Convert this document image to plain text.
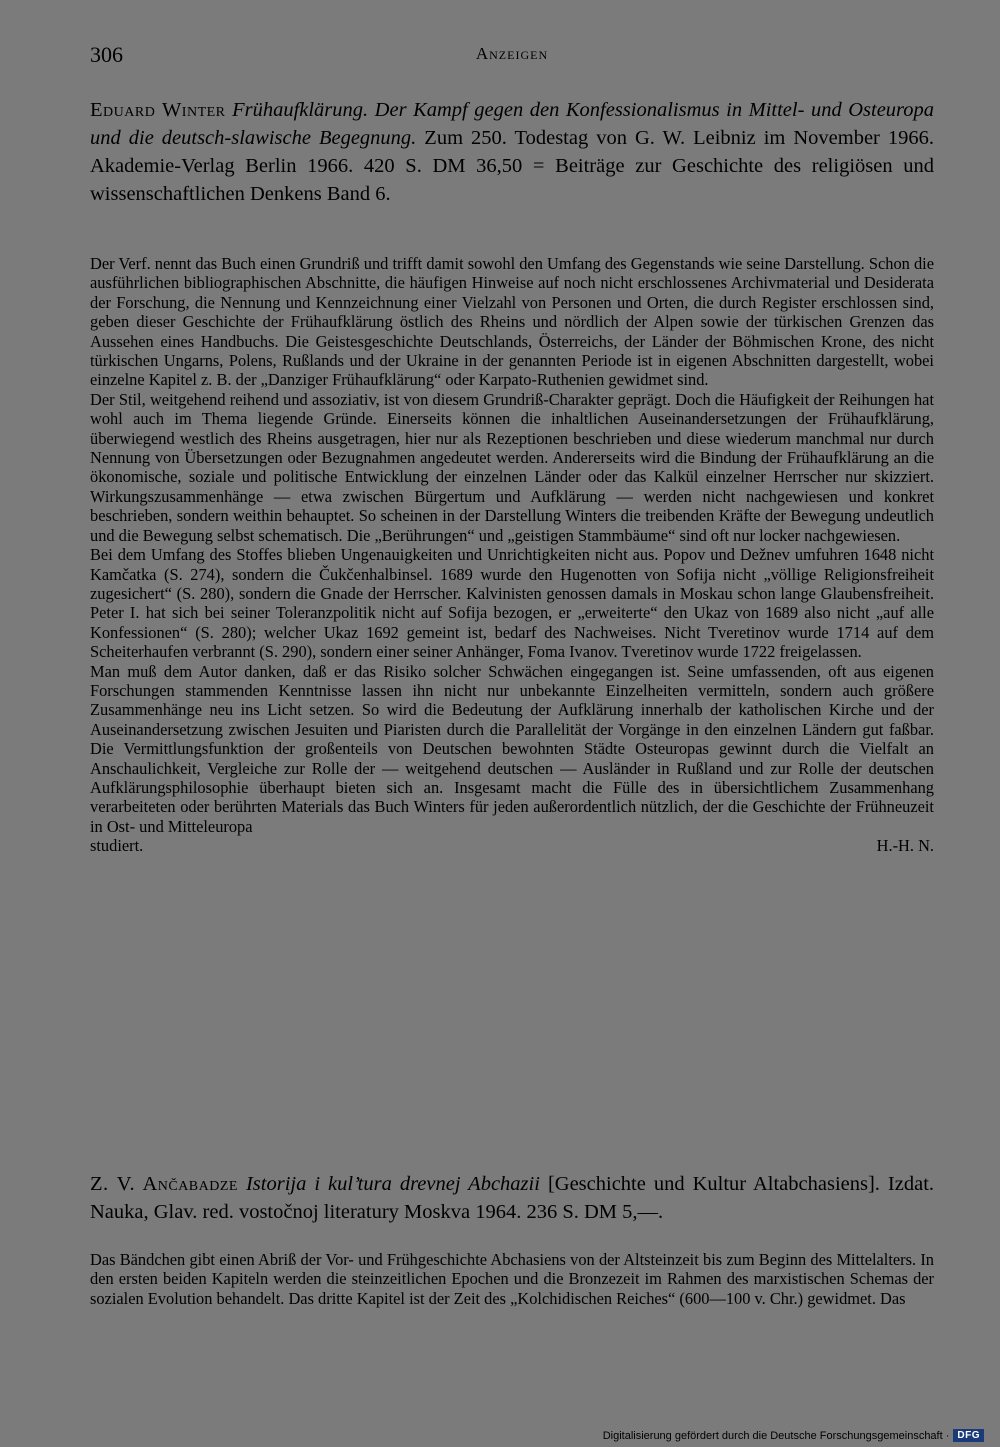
306	Anzeigen
Eduard Winter Frühaufklärung. Der Kampf gegen den Konfessionalismus in Mittel- und Osteuropa und die deutsch-slawische Begegnung. Zum 250. Todestag von G. W. Leibniz im November 1966. Akademie-Verlag Berlin 1966. 420 S. DM 36,50 = Beiträge zur Geschichte des religiösen und wissenschaftlichen Denkens Band 6.

Der Verf. nennt das Buch einen Grundriß und trifft damit sowohl den Umfang des Gegenstands wie seine Darstellung. Schon die ausführlichen bibliographischen Abschnitte, die häufigen Hinweise auf noch nicht erschlossenes Archivmaterial und Desiderata der Forschung, die Nennung und Kennzeichnung einer Vielzahl von Personen und Orten, die durch Register erschlossen sind, geben dieser Geschichte der Frühaufklärung östlich des Rheins und nördlich der Alpen sowie der türkischen Grenzen das Aussehen eines Handbuchs. Die Geistesgeschichte Deutschlands, Österreichs, der Länder der Böhmischen Krone, des nicht türkischen Ungarns, Polens, Rußlands und der Ukraine in der genannten Periode ist in eigenen Abschnitten dargestellt, wobei einzelne Kapitel z. B. der „Danziger Frühaufklärung“ oder Karpato-Ruthenien gewidmet sind.

Der Stil, weitgehend reihend und assoziativ, ist von diesem Grundriß-Charakter geprägt. Doch die Häufigkeit der Reihungen hat wohl auch im Thema liegende Gründe. Einerseits können die inhaltlichen Auseinandersetzungen der Frühaufklärung, überwiegend westlich des Rheins ausgetragen, hier nur als Rezeptionen beschrieben und diese wiederum manchmal nur durch Nennung von Übersetzungen oder Bezugnahmen angedeutet werden. Andererseits wird die Bindung der Frühaufklärung an die ökonomische, soziale und politische Entwicklung der einzelnen Länder oder das Kalkül einzelner Herrscher nur skizziert. Wirkungszusammenhänge — etwa zwischen Bürgertum und Aufklärung — werden nicht nachgewiesen und konkret beschrieben, sondern weithin behauptet. So scheinen in der Darstellung Winters die treibenden Kräfte der Bewegung undeutlich und die Bewegung selbst schematisch. Die „Berührungen“ und „geistigen Stammbäume“ sind oft nur locker nachgewiesen.

Bei dem Umfang des Stoffes blieben Ungenauigkeiten und Unrichtigkeiten nicht aus. Popov und Dežnev umfuhren 1648 nicht Kamčatka (S. 274), sondern die Čukčenhalbinsel. 1689 wurde den Hugenotten von Sofija nicht „völlige Religionsfreiheit zugesichert“ (S. 280), sondern die Gnade der Herrscher. Kalvinisten genossen damals in Moskau schon lange Glaubensfreiheit. Peter I. hat sich bei seiner Toleranzpolitik nicht auf Sofija bezogen, er „erweiterte“ den Ukaz von 1689 also nicht „auf alle Konfessionen“ (S. 280); welcher Ukaz 1692 gemeint ist, bedarf des Nachweises. Nicht Tveretinov wurde 1714 auf dem Scheiterhaufen verbrannt (S. 290), sondern einer seiner Anhänger, Foma Ivanov. Tveretinov wurde 1722 freigelassen.

Man muß dem Autor danken, daß er das Risiko solcher Schwächen eingegangen ist. Seine umfassenden, oft aus eigenen Forschungen stammenden Kenntnisse lassen ihn nicht nur unbekannte Einzelheiten vermitteln, sondern auch größere Zusammenhänge neu ins Licht setzen. So wird die Bedeutung der Aufklärung innerhalb der katholischen Kirche und der Auseinandersetzung zwischen Jesuiten und Piaristen durch die Parallelität der Vorgänge in den einzelnen Ländern gut faßbar. Die Vermittlungsfunktion der großenteils von Deutschen bewohnten Städte Osteuropas gewinnt durch die Vielfalt an Anschaulichkeit, Vergleiche zur Rolle der — weitgehend deutschen — Ausländer in Rußland und zur Rolle der deutschen Aufklärungsphilosophie überhaupt bieten sich an. Insgesamt macht die Fülle des in übersichtlichem Zusammenhang verarbeiteten oder berührten Materials das Buch Winters für jeden außerordentlich nützlich, der die Geschichte der Frühneuzeit in Ost- und Mitteleuropa

studiert.	H.-H. N.
Z. V. Ančabadze Istorija i kul’tura drevnej Abchazii [Geschichte und Kultur Altabchasiens]. Izdat. Nauka, Glav. red. vostočnoj literatury Moskva 1964. 236 S. DM 5,—.

Das Bändchen gibt einen Abriß der Vor- und Frühgeschichte Abchasiens von der Altsteinzeit bis zum Beginn des Mittelalters. In den ersten beiden Kapiteln werden die steinzeitlichen Epochen und die Bronzezeit im Rahmen des marxistischen Schemas der sozialen Evolution behandelt. Das dritte Kapitel ist der Zeit des „Kolchidischen Reiches“ (600—100 v. Chr.) gewidmet. Das

Digitalisierung gefördert durch die Deutsche Forschungsgemeinschaft · DFG
